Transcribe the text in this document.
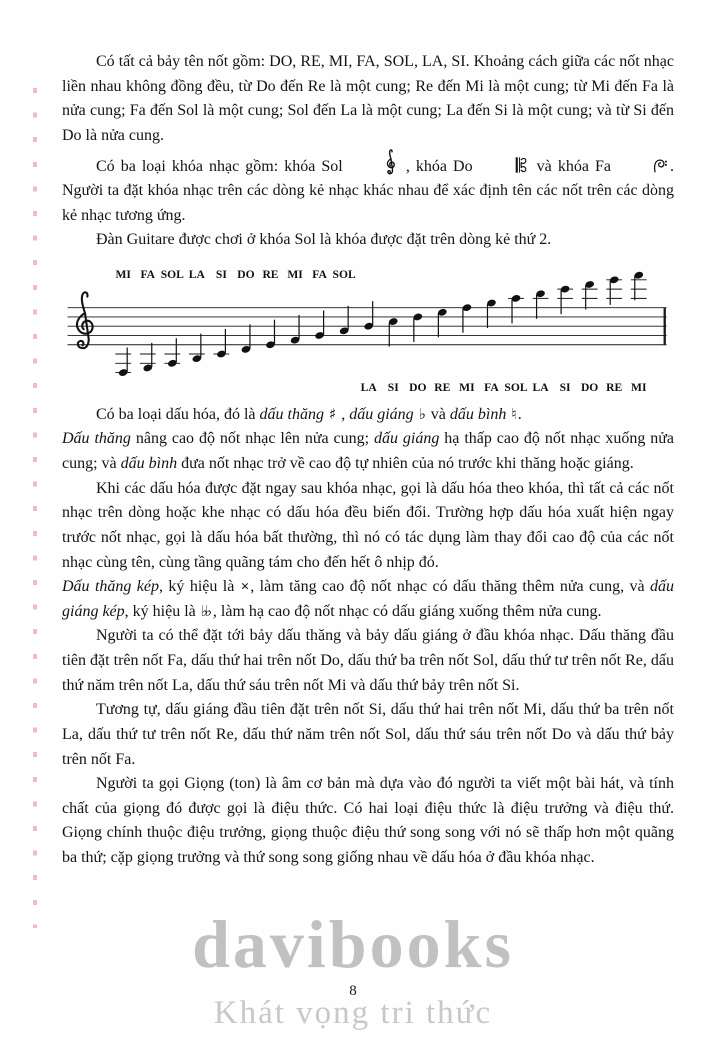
Có tất cả bảy tên nốt gồm: DO, RE, MI, FA, SOL, LA, SI. Khoảng cách giữa các nốt nhạc liền nhau không đồng đều, từ Do đến Re là một cung; Re đến Mi là một cung; từ Mi đến Fa là nửa cung; Fa đến Sol là một cung; Sol đến La là một cung; La đến Si là một cung; và từ Si đến Do là nửa cung.

Có ba loại khóa nhạc gồm: khóa Sol	, khóa Do	và khóa Fa	. Người ta đặt khóa nhạc trên các dòng kẻ nhạc khác nhau để xác định tên các nốt trên các dòng kẻ nhạc tương ứng.

Đàn Guitare được chơi ở khóa Sol là khóa được đặt trên dòng kẻ thứ 2.

MI FA SOL LA SI DO RE MI FA SOL
LA SI DO RE MI FA SOL LA SI DO RE MI

Có ba loại dấu hóa, đó là dấu thăng ♯ , dấu giáng ♭ và dấu bình ♮.

Dấu thăng nâng cao độ nốt nhạc lên nửa cung; dấu giáng hạ thấp cao độ nốt nhạc xuống nửa cung; và dấu bình đưa nốt nhạc trở về cao độ tự nhiên của nó trước khi thăng hoặc giáng.

Khi các dấu hóa được đặt ngay sau khóa nhạc, gọi là dấu hóa theo khóa, thì tất cả các nốt nhạc trên dòng hoặc khe nhạc có dấu hóa đều biến đổi. Trường hợp dấu hóa xuất hiện ngay trước nốt nhạc, gọi là dấu hóa bất thường, thì nó có tác dụng làm thay đổi cao độ của các nốt nhạc cùng tên, cùng tầng quãng tám cho đến hết ô nhịp đó.

Dấu thăng kép, ký hiệu là ×, làm tăng cao độ nốt nhạc có dấu thăng thêm nửa cung, và dấu giáng kép, ký hiệu là ♭♭ , làm hạ cao độ nốt nhạc có dấu giáng xuống thêm nửa cung.

Người ta có thể đặt tới bảy dấu thăng và bảy dấu giáng ở đầu khóa nhạc. Dấu thăng đầu tiên đặt trên nốt Fa, dấu thứ hai trên nốt Do, dấu thứ ba trên nốt Sol, dấu thứ tư trên nốt Re, dấu thứ năm trên nốt La, dấu thứ sáu trên nốt Mi và dấu thứ bảy trên nốt Si.

Tương tự, dấu giáng đầu tiên đặt trên nốt Si, dấu thứ hai trên nốt Mi, dấu thứ ba trên nốt La, dấu thứ tư trên nốt Re, dấu thứ năm trên nốt Sol, dấu thứ sáu trên nốt Do và dấu thứ bảy trên nốt Fa.

Người ta gọi Giọng (ton) là âm cơ bản mà dựa vào đó người ta viết một bài hát, và tính chất của giọng đó được gọi là điệu thức. Có hai loại điệu thức là điệu trưởng và điệu thứ. Giọng chính thuộc điệu trưởng, giọng thuộc điệu thứ song song với nó sẽ thấp hơn một quãng ba thứ; cặp giọng trưởng và thứ song song giống nhau về dấu hóa ở đầu khóa nhạc.

davibooks
8
Khát vọng tri thức
